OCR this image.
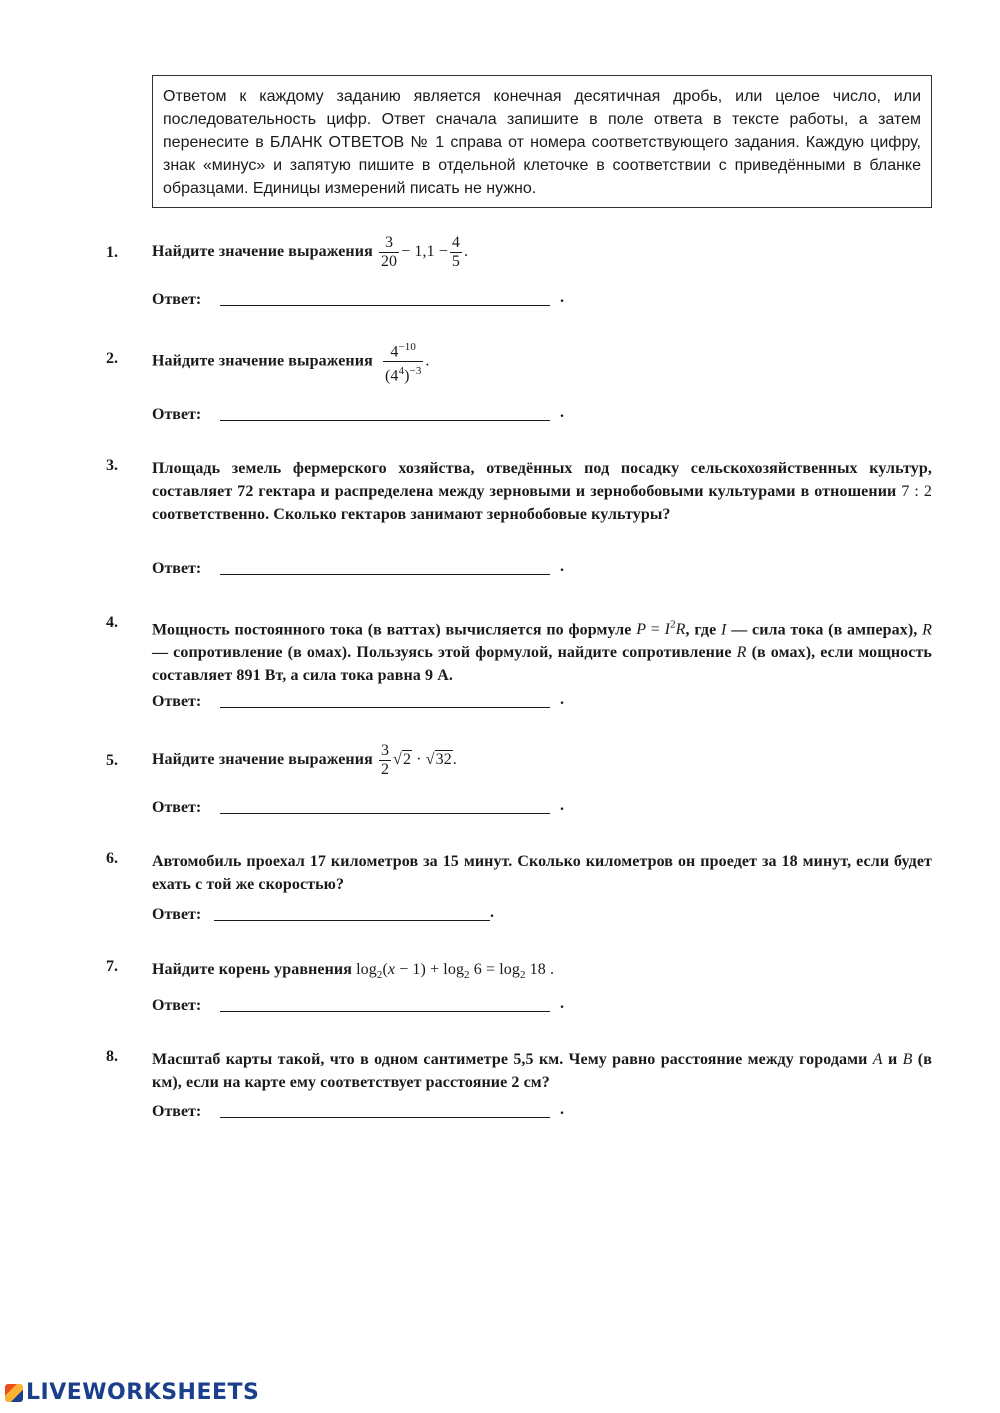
Ответом к каждому заданию является конечная десятичная дробь, или целое число, или последовательность цифр. Ответ сначала запишите в поле ответа в тексте работы, а затем перенесите в БЛАНК ОТВЕТОВ № 1 справа от номера соответствующего задания. Каждую цифру, знак «минус» и запятую пишите в отдельной клеточке в соответствии с приведёнными в бланке образцами. Единицы измерений писать не нужно.
1. Найдите значение выражения $\frac{3}{20} - 1,1 - \frac{4}{5}$ .
Ответ:	.
2. Найдите значение выражения $\frac{4^{-10}}{(4^4)^{-3}}$ .
Ответ:	.
3. Площадь земель фермерского хозяйства, отведённых под посадку сельскохозяйственных культур, составляет 72 гектара и распределена между зерновыми и зернобобовыми культурами в отношении 7 : 2 соответственно. Сколько гектаров занимают зернобобовые культуры?
Ответ:	.
4. Мощность постоянного тока (в ваттах) вычисляется по формуле $P = I^2R$, где I — сила тока (в амперах), R — сопротивление (в омах). Пользуясь этой формулой, найдите сопротивление R (в омах), если мощность составляет 891 Вт, а сила тока равна 9 А.
Ответ:	.
5. Найдите значение выражения $\frac{3}{2} √2 \cdot √32$.
Ответ:	.
6. Автомобиль проехал 17 километров за 15 минут. Сколько километров он проедет за 18 минут, если будет ехать с той же скоростью?
Ответ:	.
7. Найдите корень уравнения $\log_2(x - 1) + \log_2 6 = \log_2 18$ .
Ответ:	.
8. Масштаб карты такой, что в одном сантиметре 5,5 км. Чему равно расстояние между городами A и B (в км), если на карте ему соответствует расстояние 2 см?
Ответ:	.
LIVEWORKSHEETS
